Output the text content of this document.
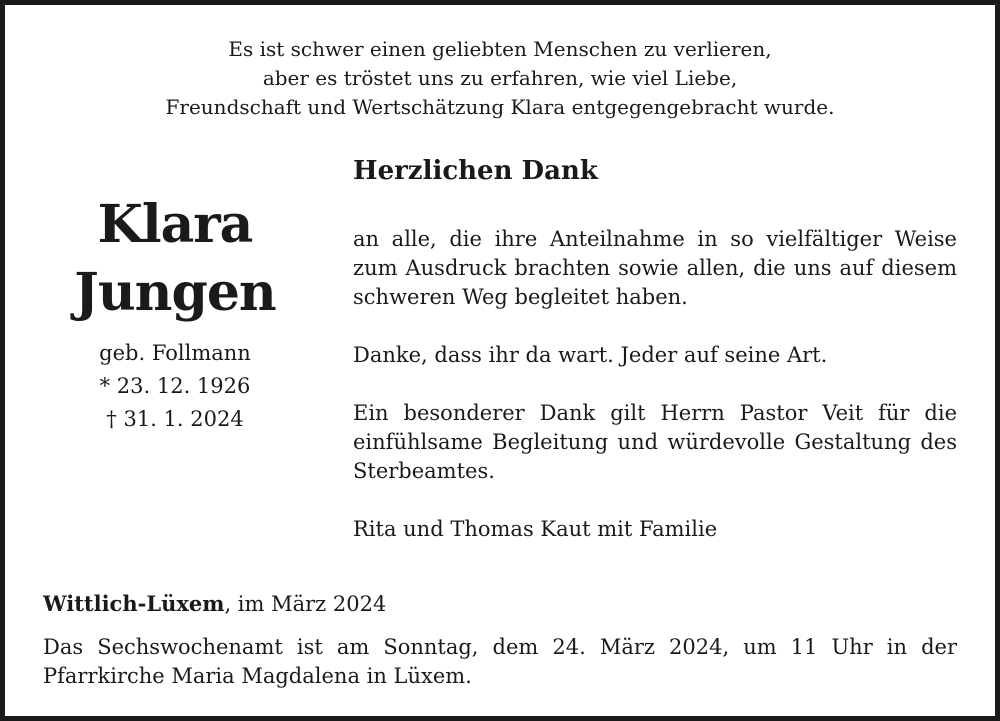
Es ist schwer einen geliebten Menschen zu verlieren,
aber es tröstet uns zu erfahren, wie viel Liebe,
Freundschaft und Wertschätzung Klara entgegengebracht wurde.
Klara
Jungen
geb. Follmann
* 23. 12. 1926
† 31. 1. 2024
Herzlichen Dank
an alle, die ihre Anteilnahme in so vielfältiger Weise zum Ausdruck brachten sowie allen, die uns auf diesem schweren Weg begleitet haben.
Danke, dass ihr da wart. Jeder auf seine Art.
Ein besonderer Dank gilt Herrn Pastor Veit für die einfühlsame Begleitung und würdevolle Gestaltung des Sterbeamtes.
Rita und Thomas Kaut mit Familie
Wittlich-Lüxem, im März 2024
Das Sechswochenamt ist am Sonntag, dem 24. März 2024, um 11 Uhr in der Pfarrkirche Maria Magdalena in Lüxem.
